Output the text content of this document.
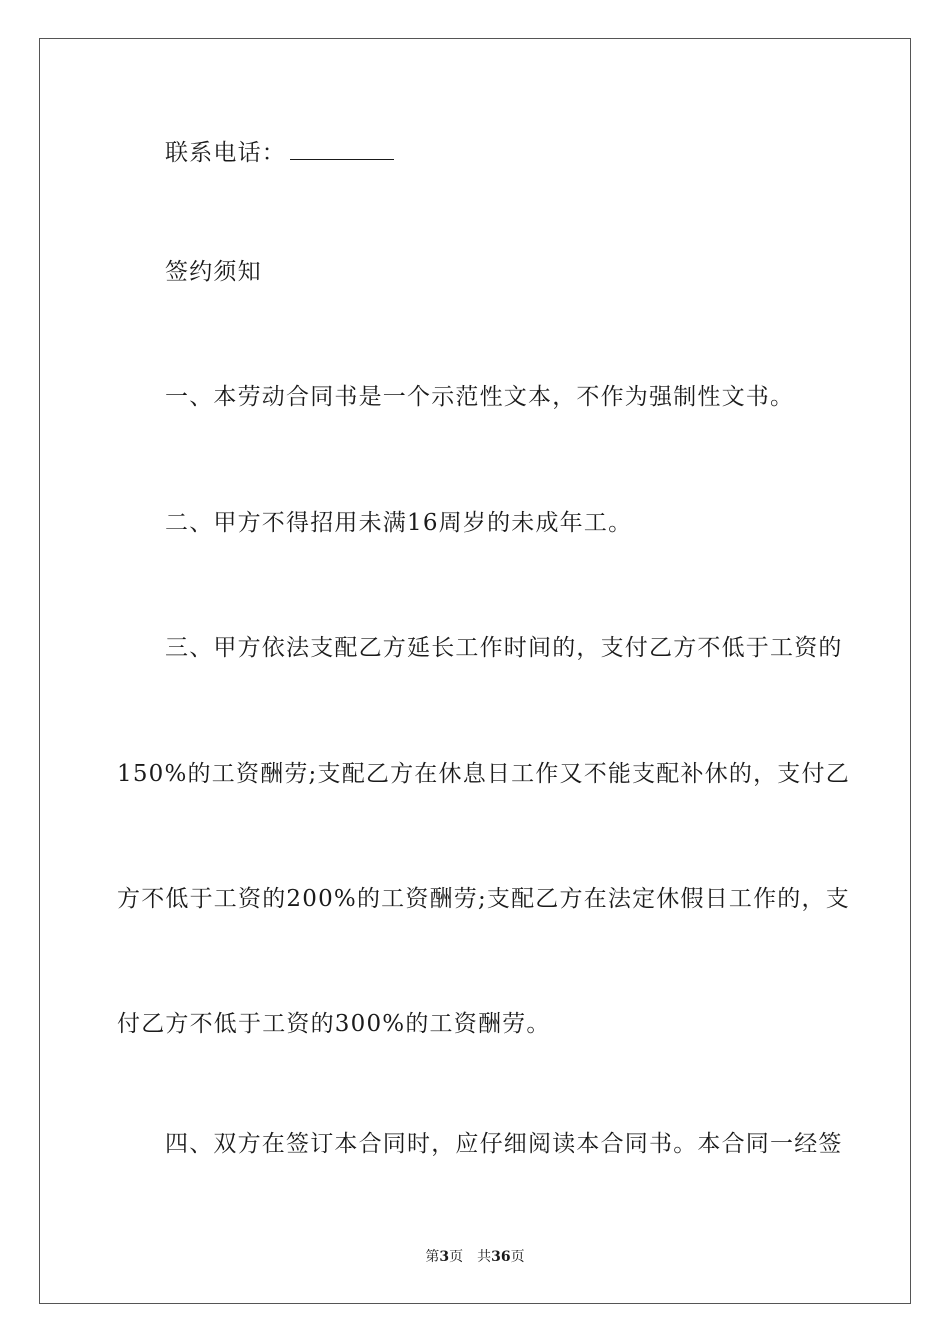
联系电话：
签约须知
一、本劳动合同书是一个示范性文本，不作为强制性文书。
二、甲方不得招用未满16周岁的未成年工。
三、甲方依法支配乙方延长工作时间的，支付乙方不低于工资的
150%的工资酬劳;支配乙方在休息日工作又不能支配补休的，支付乙
方不低于工资的200%的工资酬劳;支配乙方在法定休假日工作的，支
付乙方不低于工资的300%的工资酬劳。
四、双方在签订本合同时，应仔细阅读本合同书。本合同一经签
第3页 共36页
